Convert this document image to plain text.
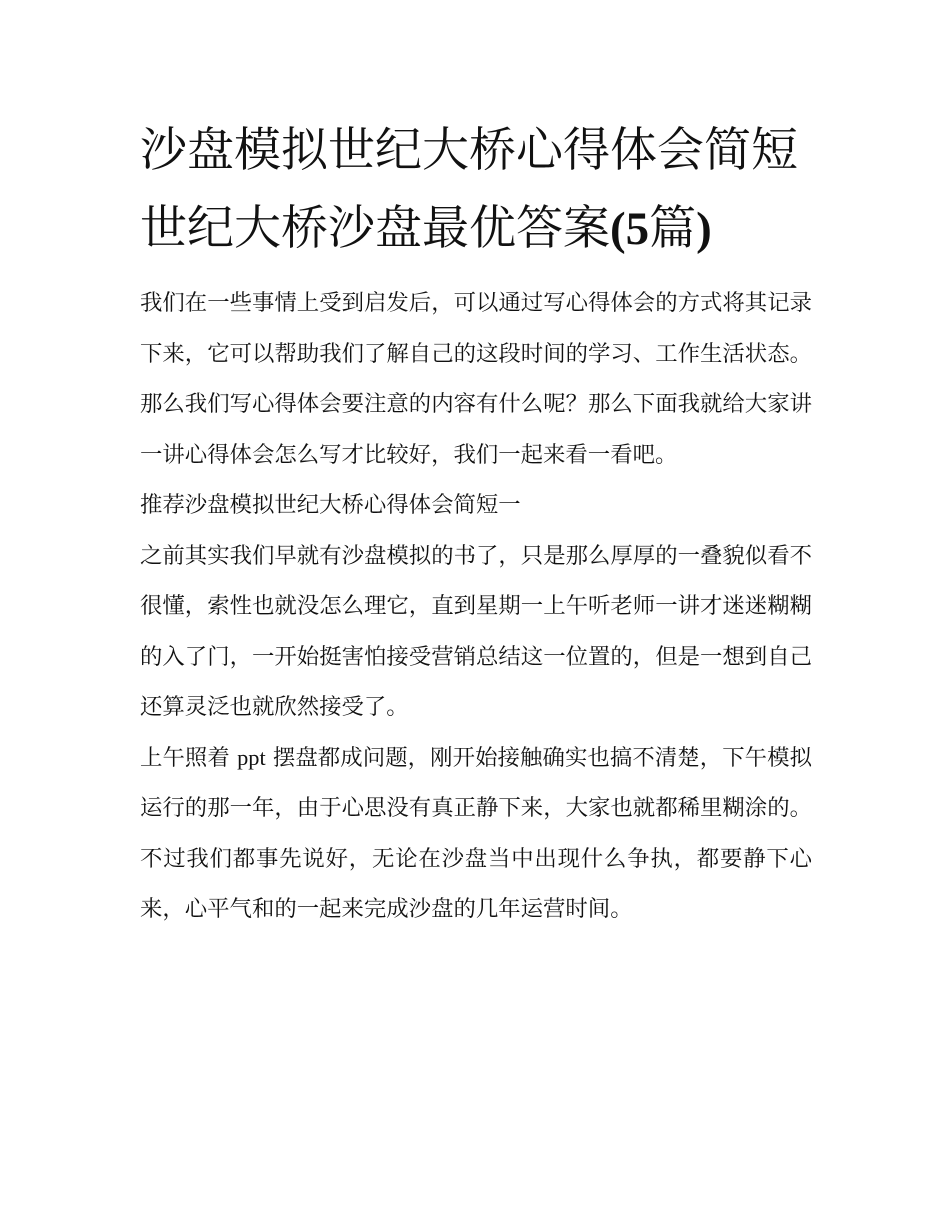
沙盘模拟世纪大桥心得体会简短 世纪大桥沙盘最优答案(5篇)

我们在一些事情上受到启发后，可以通过写心得体会的方式将其记录下来，它可以帮助我们了解自己的这段时间的学习、工作生活状态。那么我们写心得体会要注意的内容有什么呢？那么下面我就给大家讲一讲心得体会怎么写才比较好，我们一起来看一看吧。

推荐沙盘模拟世纪大桥心得体会简短一

之前其实我们早就有沙盘模拟的书了，只是那么厚厚的一叠貌似看不很懂，索性也就没怎么理它，直到星期一上午听老师一讲才迷迷糊糊的入了门，一开始挺害怕接受营销总结这一位置的，但是一想到自己还算灵泛也就欣然接受了。

上午照着 ppt 摆盘都成问题，刚开始接触确实也搞不清楚，下午模拟运行的那一年，由于心思没有真正静下来，大家也就都稀里糊涂的。不过我们都事先说好，无论在沙盘当中出现什么争执，都要静下心来，心平气和的一起来完成沙盘的几年运营时间。
